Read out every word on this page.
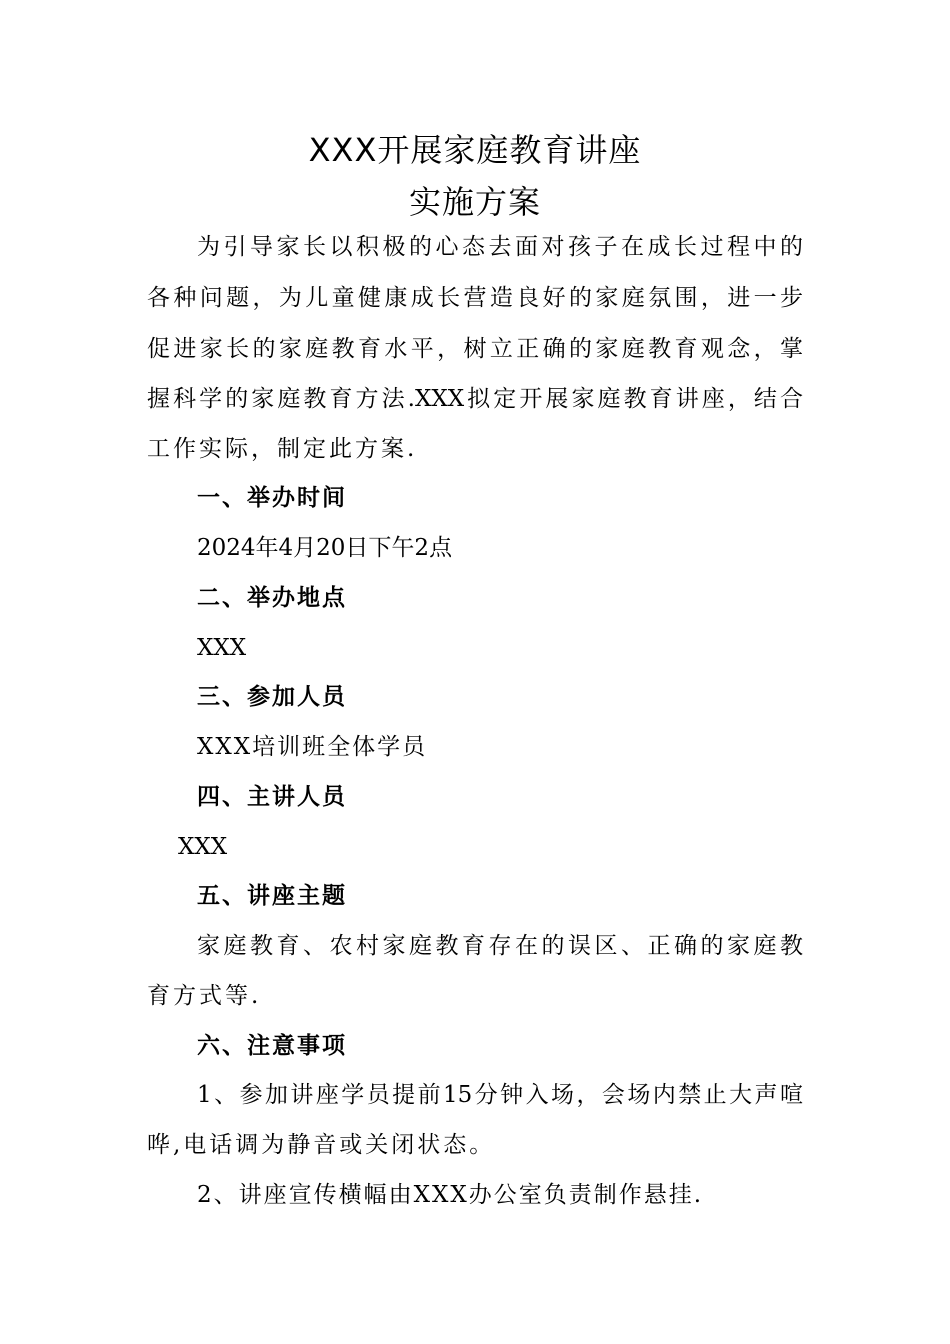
XXX开展家庭教育讲座
实施方案
为引导家长以积极的心态去面对孩子在成长过程中的
各种问题，为儿童健康成长营造良好的家庭氛围，进一步
促进家长的家庭教育水平，树立正确的家庭教育观念，掌
握科学的家庭教育方法.XXX拟定开展家庭教育讲座，结合
工作实际，制定此方案.
一、举办时间
2024年4月20日下午2点
二、举办地点
XXX
三、参加人员
XXX培训班全体学员
四、主讲人员
XXX
五、讲座主题
家庭教育、农村家庭教育存在的误区、正确的家庭教
育方式等.
六、注意事项
1、参加讲座学员提前15分钟入场，会场内禁止大声喧
哗,电话调为静音或关闭状态。
2、讲座宣传横幅由XXX办公室负责制作悬挂.
